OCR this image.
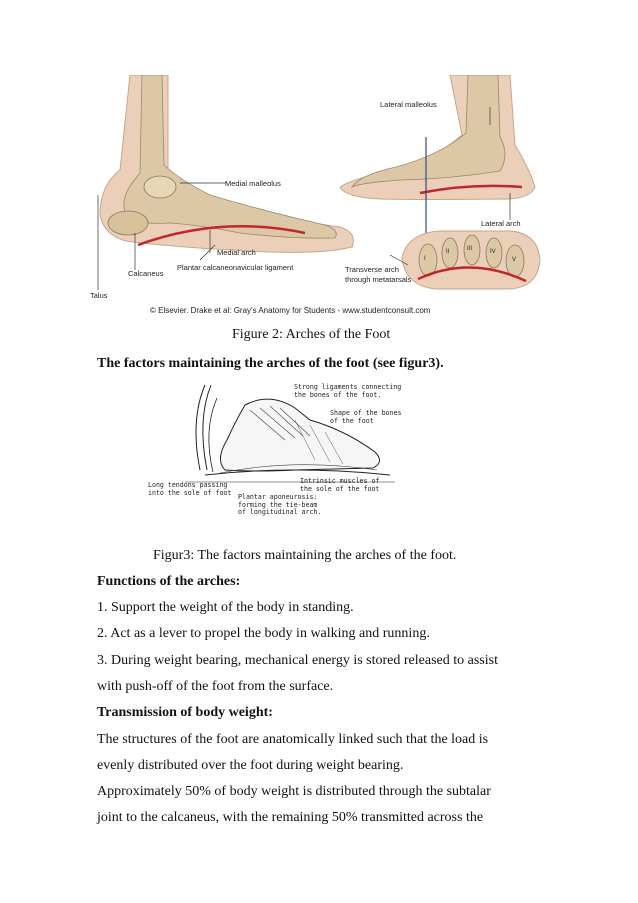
Medial malleolus
Medial arch
Plantar calcaneonavicular ligament
Talus
Calcaneus
Lateral malleolus
Lateral arch
Transverse arch
through metatarsals
I
II	III	IV
V
© Elsevier. Drake et al: Gray's Anatomy for Students - www.studentconsult.com
Figure 2: Arches of the Foot
The factors maintaining the arches of the foot (see figur3).
Strong ligaments connecting
the bones of the foot.
Shape of the bones
of the foot
Intrinsic muscles of
the sole of the foot
Long tendons passing
into the sole of foot
Plantar aponeurosis:
forming the tie-beam
of longitudinal arch.
Figur3: The factors maintaining the arches of the foot.
Functions of the arches:
1. Support the weight of the body in standing.
2. Act as a lever to propel the body in walking and running.
3. During weight bearing, mechanical energy is stored released to assist
with push-off of the foot from the surface.
Transmission of body weight:
The structures of the foot are anatomically linked such that the load is
evenly distributed over the foot during weight bearing.
Approximately 50% of body weight is distributed through the subtalar
joint to the calcaneus, with the remaining 50% transmitted across the
